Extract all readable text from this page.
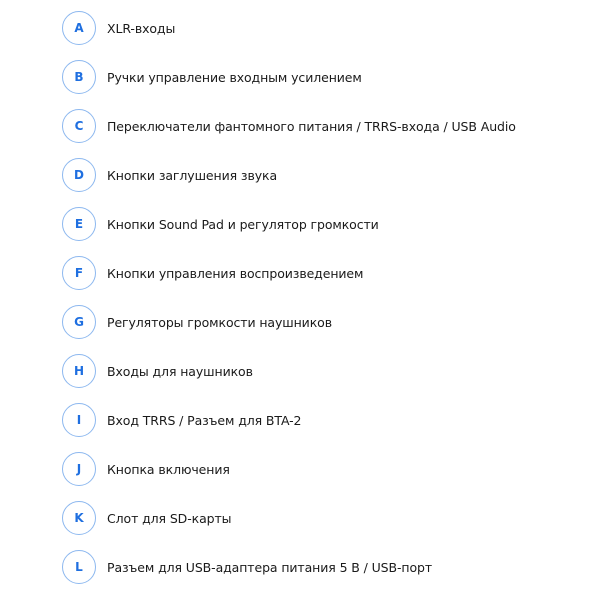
A XLR-входы
B Ручки управление входным усилением
C Переключатели фантомного питания / TRRS-входа / USB Audio
D Кнопки заглушения звука
E Кнопки Sound Pad и регулятор громкости
F Кнопки управления воспроизведением
G Регуляторы громкости наушников
H Входы для наушников
I Вход TRRS / Разъем для BTA-2
J Кнопка включения
K Слот для SD-карты
L Разъем для USB-адаптера питания 5 В / USB-порт
